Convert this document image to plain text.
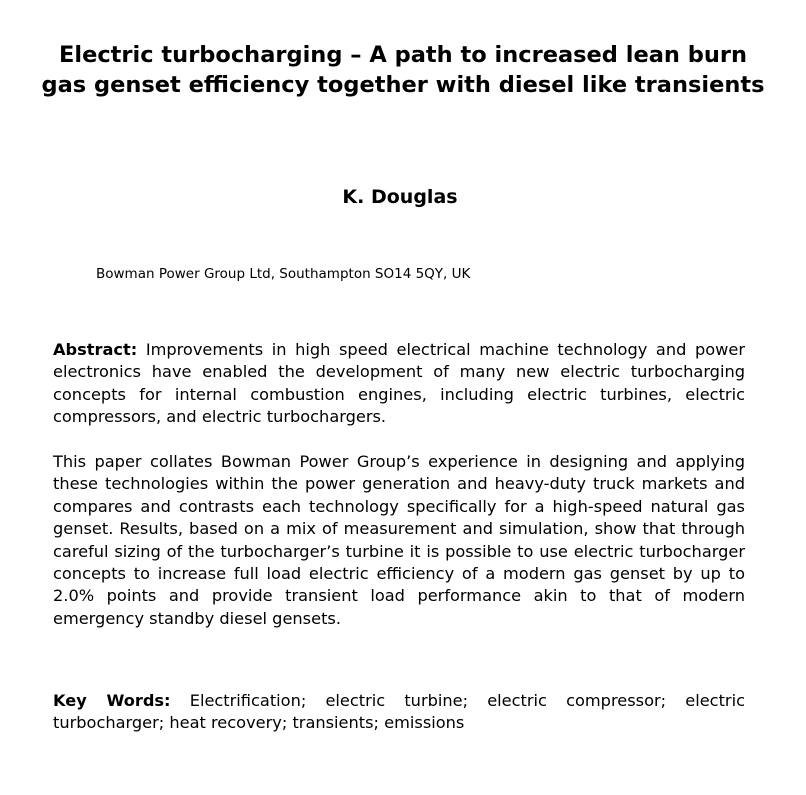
Electric turbocharging – A path to increased lean burn gas genset efficiency together with diesel like transients

K. Douglas

Bowman Power Group Ltd, Southampton SO14 5QY, UK

Abstract: Improvements in high speed electrical machine technology and power electronics have enabled the development of many new electric turbocharging concepts for internal combustion engines, including electric turbines, electric compressors, and electric turbochargers.

This paper collates Bowman Power Group’s experience in designing and applying these technologies within the power generation and heavy-duty truck markets and compares and contrasts each technology specifically for a high-speed natural gas genset. Results, based on a mix of measurement and simulation, show that through careful sizing of the turbocharger’s turbine it is possible to use electric turbocharger concepts to increase full load electric efficiency of a modern gas genset by up to 2.0% points and provide transient load performance akin to that of modern emergency standby diesel gensets.

Key Words: Electrification; electric turbine; electric compressor; electric turbocharger; heat recovery; transients; emissions
